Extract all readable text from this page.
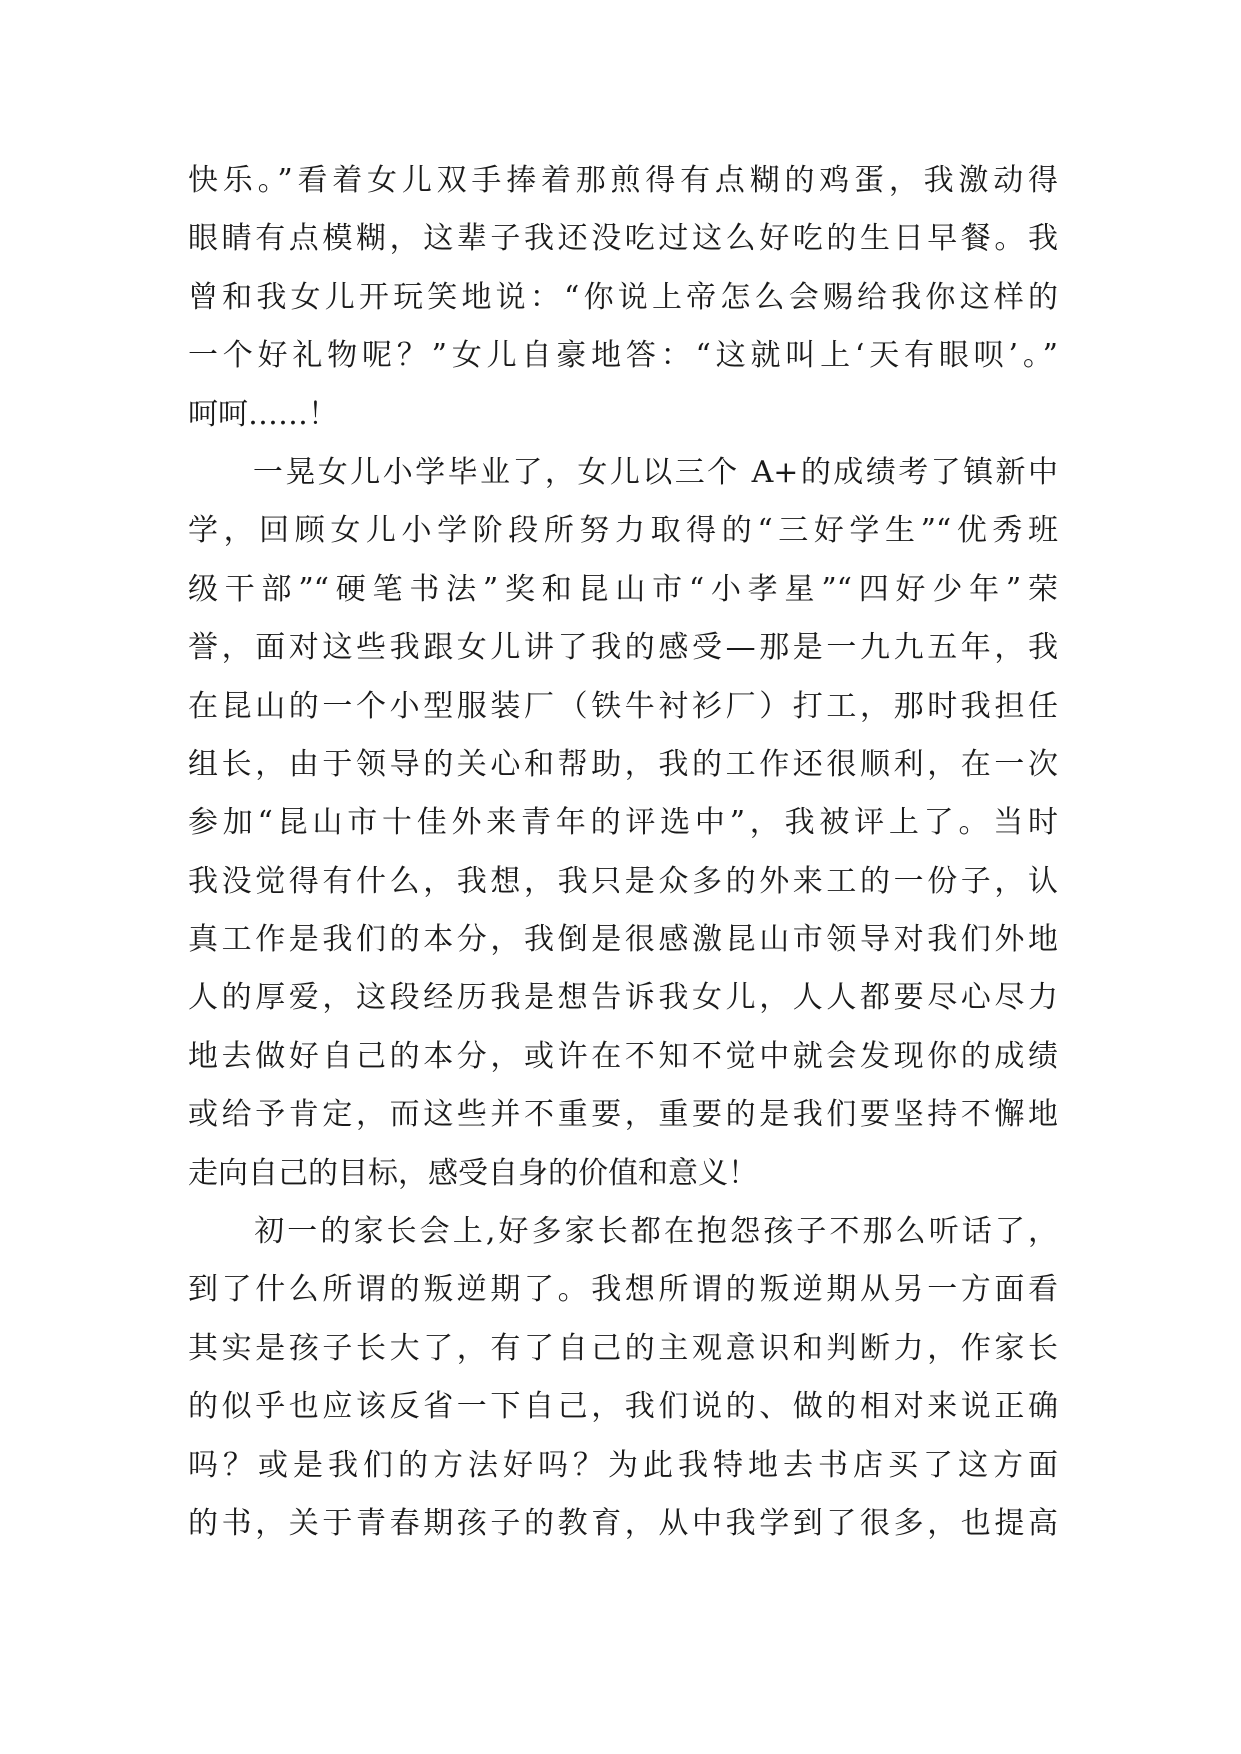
快乐。”看着女儿双手捧着那煎得有点糊的鸡蛋，我激动得
眼睛有点模糊，这辈子我还没吃过这么好吃的生日早餐。我
曾和我女儿开玩笑地说：“你说上帝怎么会赐给我你这样的
一个好礼物呢？”女儿自豪地答：“这就叫上‘天有眼呗’。”
呵呵……！
　　一晃女儿小学毕业了，女儿以三个 A+的成绩考了镇新中
学，回顾女儿小学阶段所努力取得的“三好学生”“优秀班
级干部”“硬笔书法”奖和昆山市“小孝星”“四好少年”荣
誉，面对这些我跟女儿讲了我的感受—那是一九九五年，我
在昆山的一个小型服装厂（铁牛衬衫厂）打工，那时我担任
组长，由于领导的关心和帮助，我的工作还很顺利，在一次
参加“昆山市十佳外来青年的评选中”，我被评上了。当时
我没觉得有什么，我想，我只是众多的外来工的一份子，认
真工作是我们的本分，我倒是很感激昆山市领导对我们外地
人的厚爱，这段经历我是想告诉我女儿，人人都要尽心尽力
地去做好自己的本分，或许在不知不觉中就会发现你的成绩
或给予肯定，而这些并不重要，重要的是我们要坚持不懈地
走向自己的目标，感受自身的价值和意义！
　　初一的家长会上,好多家长都在抱怨孩子不那么听话了，
到了什么所谓的叛逆期了。我想所谓的叛逆期从另一方面看
其实是孩子长大了，有了自己的主观意识和判断力，作家长
的似乎也应该反省一下自己，我们说的、做的相对来说正确
吗？或是我们的方法好吗？为此我特地去书店买了这方面
的书，关于青春期孩子的教育，从中我学到了很多，也提高
